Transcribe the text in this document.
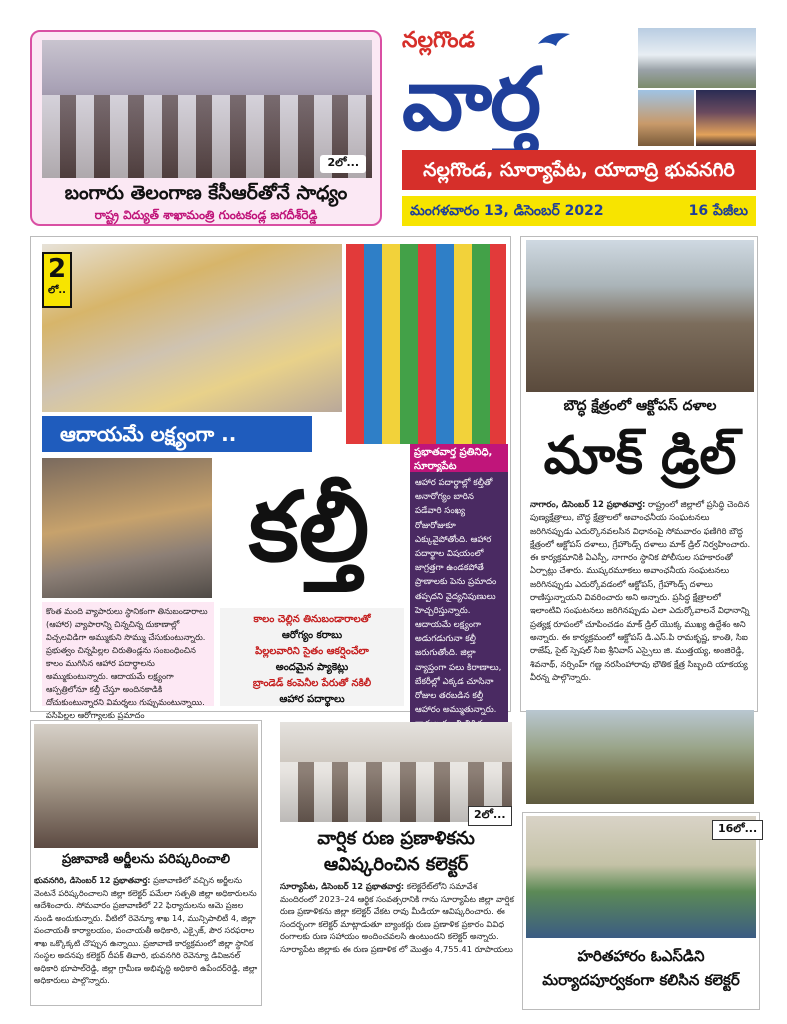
2లో...
బంగారు తెలంగాణ కేసీఆర్‌తోనే సాధ్యం
రాష్ట్ర విద్యుత్‌ శాఖామంత్రి గుంటకండ్ల జగదీశ్‌రెడ్డి
నల్లగొండ
వార్త
నల్లగొండ, సూర్యాపేట, యాదాద్రి భువనగిరి
మంగళవారం 13, డిసెంబర్‌ 2022	16 పేజీలు
2
లో..
ఆదాయమే లక్ష్యంగా ..
కల్తీ
ప్రభాతవార్త ప్రతినిధి, సూర్యాపేట
ఆహార పదార్థాల్లో కల్తీతో అనారోగ్యం బారిన పడేవారి సంఖ్య రోజురోజుకూ ఎక్కువైపోతోంది. ఆహార పదార్థాల విషయంలో జాగ్రత్తగా ఉండకపోతే ప్రాణాలకు పెను ప్రమాదం తప్పదని వైద్యనిపుణులు హెచ్చరిస్తున్నారు. ఆదాయమే లక్ష్యంగా అడుగడుగునా కల్తీ జరుగుతోంది. జిల్లా వ్యాప్తంగా పలు కిరాణాలు, బేకరీల్లో ఎక్కడ చూసినా రోజుల తరబడిన కల్తీ ఆహారం అమ్ముతున్నారు.
కొంత మంది వ్యాపారులు స్థానికంగా తినుబండారాలు (ఆహార) వ్యాపారాన్ని చిన్నచిన్న దుకాణాల్లో విచ్చలవిడిగా అమ్ముకుని సొమ్ము చేసుకుంటున్నారు. ప్రభుత్వం చిన్నపిల్లల చిరుతిండ్లను సంబంధించిన కాలం ముగిసిన ఆహార పదార్థాలను అమ్ముకుంటున్నారు. ఆదాయమే లక్ష్యంగా ఆస్పత్రిలోనూ కల్తీ చేస్తూ అందినకాడికి దోచుకుంటున్నారని విమర్శలు గుప్పుమంటున్నాయి. పసిపిల్లల ఆరోగ్యాలకు ప్రమాదం
కాలం చెల్లిన తినుబండారాలతో
ఆరోగ్యం కరాబు
పిల్లలవారిని సైతం ఆకర్షించేలా
అందమైన ప్యాకెట్లు
బ్రాండెడ్‌ కంపెనీల పేరుతో నకిలీ
ఆహార పదార్థాలు
బౌద్ధ క్షేత్రంలో ఆక్టోపస్‌ దళాల
మాక్‌ డ్రిల్‌
నాగారం, డిసెంబర్‌ 12 ప్రభాతవార్త: రాష్ట్రంలో జిల్లాలో ప్రసిద్ధి చెందిన పుణ్యక్షేత్రాలు, బౌద్ధ క్షేత్రాలలో అవాంఛనీయ సంఘటనలు జరిగినప్పుడు ఎదుర్కొనవలసిన విధానంపై సోమవారం ఫణిగిరి బౌద్ధ క్షేత్రంలో ఆక్టోపస్‌ దళాలు, గ్రేహౌండ్స్‌ దళాలు మాక్‌ డ్రిల్‌ నిర్వహించారు. ఈ కార్యక్రమానికి ఏఎస్పీ, నాగారం స్థానిక పోలీసుల సహకారంతో ఏర్పాట్లు చేశారు. ముష్కరమూకలు అవాంఛనీయ సంఘటనలు జరిగినప్పుడు ఎదుర్కోవడంలో ఆక్టోపస్‌, గ్రేహౌండ్స్‌ దళాలు రాణిస్తున్నాయని వివరించారు అని అన్నారు. ప్రసిద్ధ క్షేత్రాలలో ఇలాంటివి సంఘటనలు జరిగినప్పుడు ఎలా ఎదుర్కోవాలనే విధానాన్ని ప్రత్యక్ష రూపంలో చూపించడం మాక్‌ డ్రిల్‌ యొక్క ముఖ్య ఉద్దేశం అని అన్నారు. ఈ కార్యక్రమంలో ఆక్టోపస్‌ డి.ఎస్‌.పి రామకృష్ణ, కాంతి, సిఐ రాజేష్‌, సైట్‌ స్పెషల్‌ సిఐ శ్రీనివాస్‌ ఎస్సైలు జి. ముత్తయ్య, అంజిరెడ్డి, శివనాథ్‌, నర్సింహ్‌ గణ్ణ నరసింహారావు భౌతిక క్షేత్ర సిబ్బంది యాకయ్య వీరన్న పాల్గొన్నారు.
ప్రజావాణి అర్జీలను పరిష్కరించాలి
భువనగిరి, డిసెంబర్‌ 12 ప్రభాతవార్త: ప్రజావాణిలో వచ్చిన అర్జీలను వెంటనే పరిష్కరించాలని జిల్లా కలెక్టర్‌ పమేలా సత్పతి జిల్లా అధికారులను ఆదేశించారు. సోమవారం ప్రజావాణిలో 22 ఫిర్యాదులను ఆమె ప్రజల నుండి అందుకున్నారు. వీటిలో రెవెన్యూ శాఖ 14, మున్సిపాలిటీ 4, జిల్లా పంచాయతీ కార్యాలయం, పంచాయతీ అధికారి, ఎక్సైజ్‌, పౌర సరఫరాల శాఖ ఒక్కొక్కటి చొప్పున ఉన్నాయి. ప్రజావాణి కార్యక్రమంలో జిల్లా స్థానిక సంస్థల అదనపు కలెక్టర్‌ దీపక్‌ తివారి, భువనగిరి రెవెన్యూ డివిజనల్‌ అధికారి భూపాల్‌రెడ్డి, జిల్లా గ్రామీణ అభివృద్ధి అధికారి ఉపేందర్‌రెడ్డి, జిల్లా అధికారులు పాల్గొన్నారు.
2లో...
వార్షిక రుణ ప్రణాళికను
ఆవిష్కరించిన కలెక్టర్‌
సూర్యాపేట, డిసెంబర్‌ 12 ప్రభాతవార్త: కలెక్టరేట్‌లోని సమావేశ మందిరంలో 2023–24 ఆర్థిక సంవత్సరానికి గాను సూర్యాపేట జిల్లా వార్షిక రుణ ప్రణాళికను జిల్లా కలెక్టర్‌ వేకట రావు మీడియా ఆవిష్కరించారు. ఈ సందర్భంగా కలెక్టర్‌ మాట్లాడుతూ బ్యాంకర్లు రుణ ప్రణాళిక ప్రకారం వివిధ రంగాలకు రుణ సహాయం అందించవలసి ఉంటుందని కలెక్టర్‌ అన్నారు. సూర్యాపేట జిల్లాకు ఈ రుణ ప్రణాళిక లో మొత్తం 4,755.41 రూపాయలు
16లో...
హరితహారం ఓఎస్‌డిని
మర్యాదపూర్వకంగా కలిసిన కలెక్టర్‌
